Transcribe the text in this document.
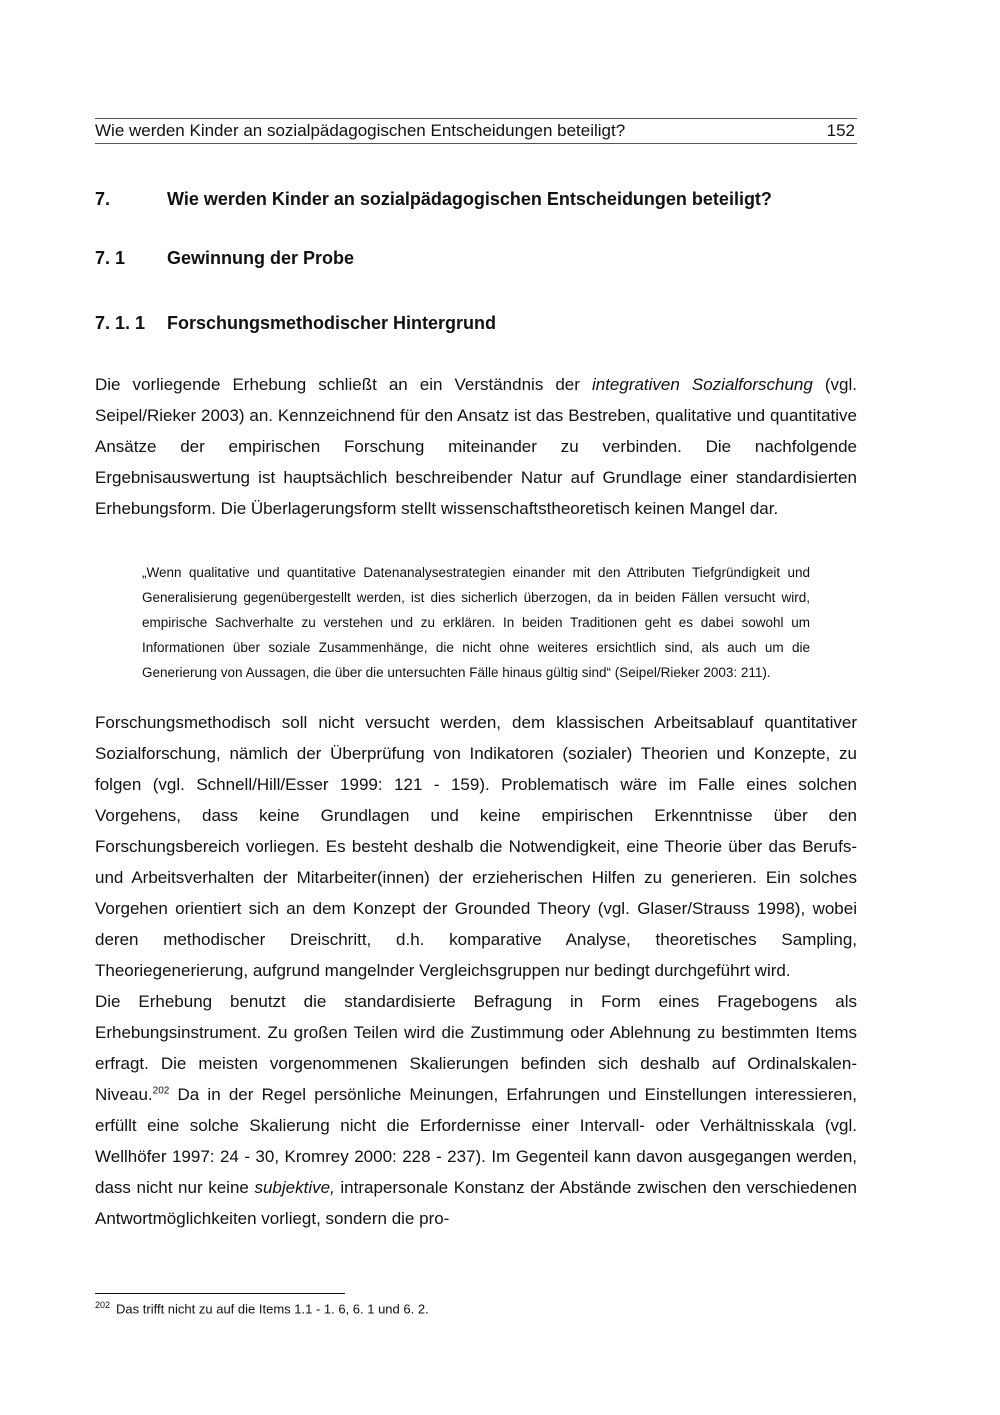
Wie werden Kinder an sozialpädagogischen Entscheidungen beteiligt?	152
7.	Wie werden Kinder an sozialpädagogischen Entscheidungen beteiligt?
7. 1	Gewinnung der Probe
7. 1. 1	Forschungsmethodischer Hintergrund

Die vorliegende Erhebung schließt an ein Verständnis der integrativen Sozialforschung (vgl. Seipel/Rieker 2003) an. Kennzeichnend für den Ansatz ist das Bestreben, qualitative und quantitative Ansätze der empirischen Forschung miteinander zu verbinden. Die nachfolgende Ergebnisauswertung ist hauptsächlich beschreibender Natur auf Grundlage einer standardisierten Erhebungsform. Die Überlagerungsform stellt wissenschaftstheoretisch keinen Mangel dar.

„Wenn qualitative und quantitative Datenanalysestrategien einander mit den Attributen Tiefgründigkeit und Generalisierung gegenübergestellt werden, ist dies sicherlich überzogen, da in beiden Fällen versucht wird, empirische Sachverhalte zu verstehen und zu erklären. In beiden Traditionen geht es dabei sowohl um Informationen über soziale Zusammenhänge, die nicht ohne weiteres ersichtlich sind, als auch um die Generierung von Aussagen, die über die untersuchten Fälle hinaus gültig sind“ (Seipel/Rieker 2003: 211).

Forschungsmethodisch soll nicht versucht werden, dem klassischen Arbeitsablauf quantitativer Sozialforschung, nämlich der Überprüfung von Indikatoren (sozialer) Theorien und Konzepte, zu folgen (vgl. Schnell/Hill/Esser 1999: 121 - 159). Problematisch wäre im Falle eines solchen Vorgehens, dass keine Grundlagen und keine empirischen Erkenntnisse über den Forschungsbereich vorliegen. Es besteht deshalb die Notwendigkeit, eine Theorie über das Berufs- und Arbeitsverhalten der Mitarbeiter(innen) der erzieherischen Hilfen zu generieren. Ein solches Vorgehen orientiert sich an dem Konzept der Grounded Theory (vgl. Glaser/Strauss 1998), wobei deren methodischer Dreischritt, d.h. komparative Analyse, theoretisches Sampling, Theoriegenerierung, aufgrund mangelnder Vergleichsgruppen nur bedingt durchgeführt wird.

Die Erhebung benutzt die standardisierte Befragung in Form eines Fragebogens als Erhebungsinstrument. Zu großen Teilen wird die Zustimmung oder Ablehnung zu bestimmten Items erfragt. Die meisten vorgenommenen Skalierungen befinden sich deshalb auf Ordinalskalen-Niveau.$^{202}$ Da in der Regel persönliche Meinungen, Erfahrungen und Einstellungen interessieren, erfüllt eine solche Skalierung nicht die Erfordernisse einer Intervall- oder Verhältnisskala (vgl. Wellhöfer 1997: 24 - 30, Kromrey 2000: 228 - 237). Im Gegenteil kann davon ausgegangen werden, dass nicht nur keine subjektive, intrapersonale Konstanz der Abstände zwischen den verschiedenen Antwortmöglichkeiten vorliegt, sondern die pro-

$^{202}$ Das trifft nicht zu auf die Items 1.1 - 1. 6, 6. 1 und 6. 2.
